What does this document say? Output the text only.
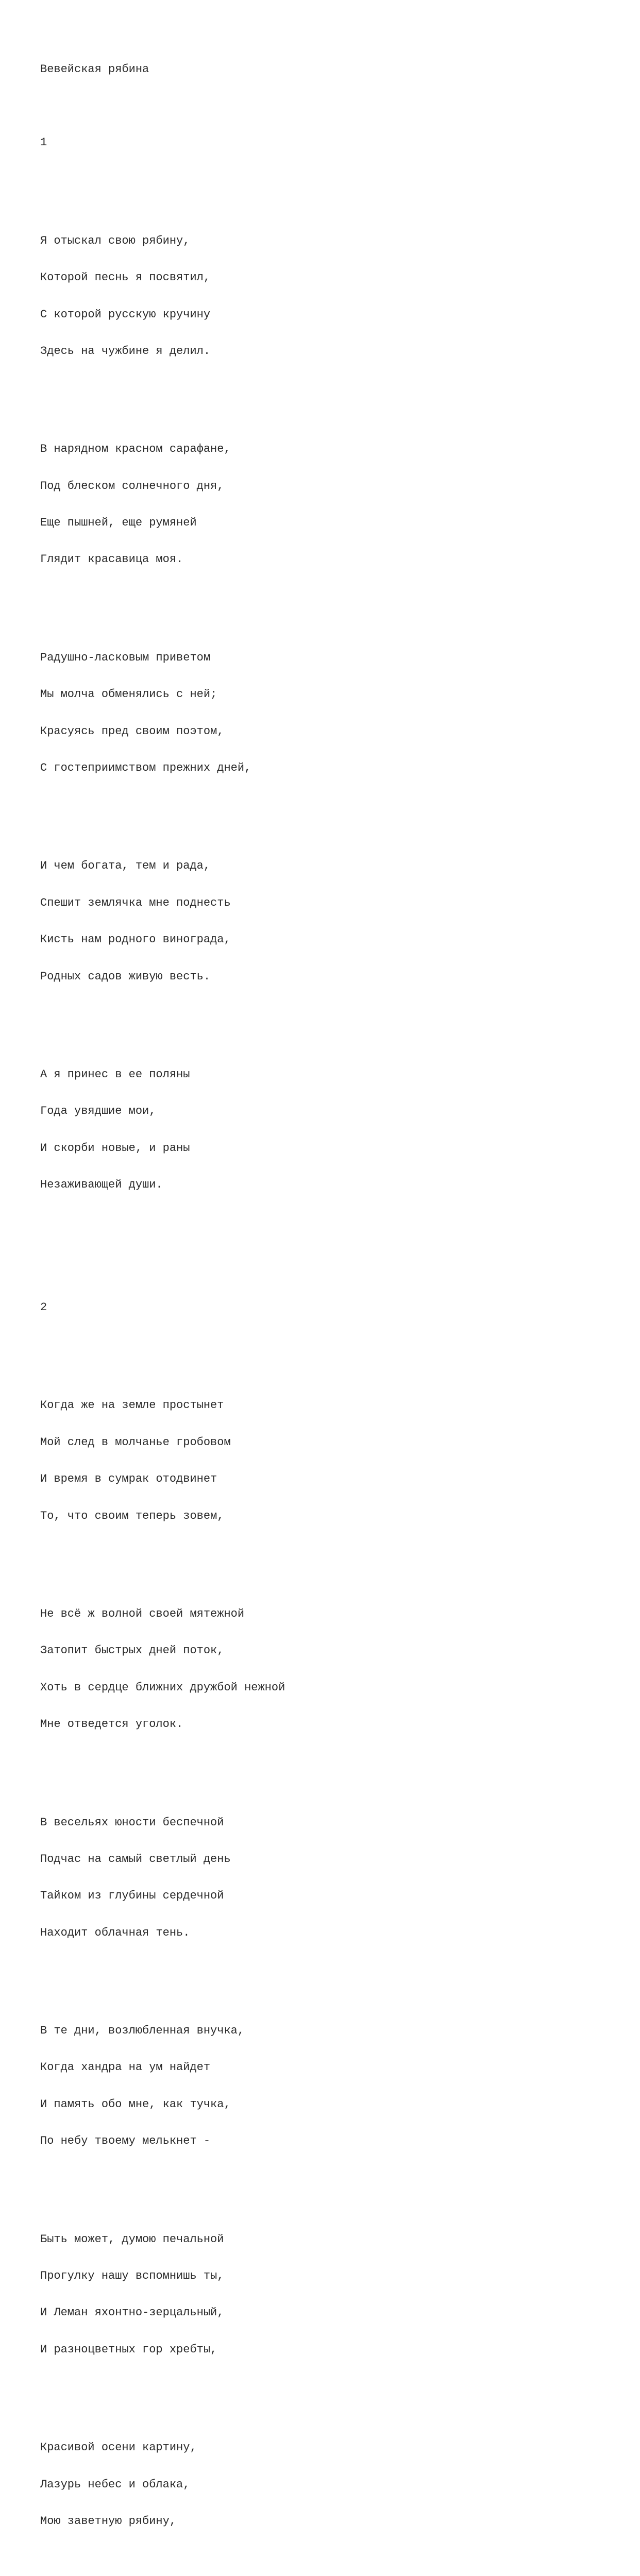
Вевейская рябина

1

Я отыскал свою рябину,

Которой песнь я посвятил,

С которой русскую кручину

Здесь на чужбине я делил.

В нарядном красном сарафане,

Под блеском солнечного дня,

Еще пышней, еще румяней

Глядит красавица моя.

Радушно-ласковым приветом

Мы молча обменялись с ней;

Красуясь пред своим поэтом,

С гостеприимством прежних дней,

И чем богата, тем и рада,

Спешит землячка мне поднесть

Кисть нам родного винограда,

Родных садов живую весть.

А я принес в ее поляны

Года увядшие мои,

И скорби новые, и раны

Незаживающей души.

2

Когда же на земле простынет

Мой след в молчанье гробовом

И время в сумрак отодвинет

То, что своим теперь зовем,

Не всё ж волной своей мятежной

Затопит быстрых дней поток,

Хоть в сердце ближних дружбой нежной

Мне отведется уголок.

В весельях юности беспечной

Подчас на самый светлый день

Тайком из глубины сердечной

Находит облачная тень.

В те дни, возлюбленная внучка,

Когда хандра на ум найдет

И память обо мне, как тучка,

По небу твоему мелькнет -

Быть может, думою печальной

Прогулку нашу вспомнишь ты,

И Леман яхонтно-зерцальный,

И разноцветных гор хребты,

Красивой осени картину,

Лазурь небес и облака,

Мою заветную рябину,
